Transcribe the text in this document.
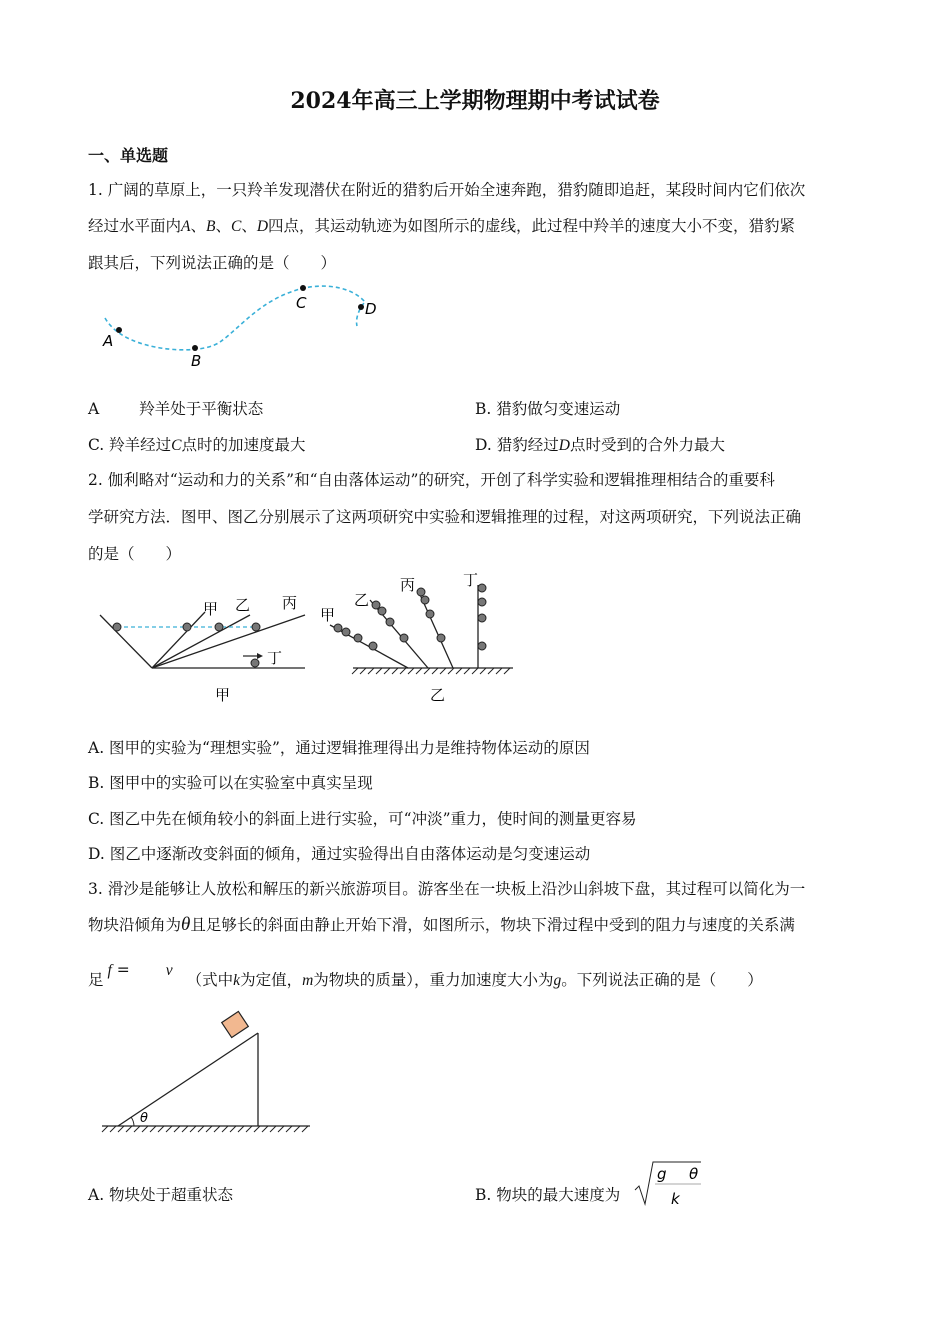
2024年高三上学期物理期中考试试卷
一、单选题
1. 广阔的草原上，一只羚羊发现潜伏在附近的猎豹后开始全速奔跑，猎豹随即追赶，某段时间内它们依次
经过水平面内A、B、C、D四点，其运动轨迹为如图所示的虚线，此过程中羚羊的速度大小不变，猎豹紧
跟其后，下列说法正确的是（　　）
A
B
C	D
A	羚羊处于平衡状态	B. 猎豹做匀变速运动
C. 羚羊经过C点时的加速度最大	D. 猎豹经过D点时受到的合外力最大
2. 伽利略对“运动和力的关系”和“自由落体运动”的研究，开创了科学实验和逻辑推理相结合的重要科
学研究方法．图甲、图乙分别展示了这两项研究中实验和逻辑推理的过程，对这两项研究，下列说法正确
的是（　　）
甲 乙 丙
丁
甲
甲
乙
丙	丁
乙
A. 图甲的实验为“理想实验”，通过逻辑推理得出力是维持物体运动的原因
B. 图甲中的实验可以在实验室中真实呈现
C. 图乙中先在倾角较小的斜面上进行实验，可“冲淡”重力，使时间的测量更容易
D. 图乙中逐渐改变斜面的倾角，通过实验得出自由落体运动是匀变速运动
3. 滑沙是能够让人放松和解压的新兴旅游项目。游客坐在一块板上沿沙山斜坡下盘，其过程可以简化为一
物块沿倾角为θ且足够长的斜面由静止开始下滑，如图所示，物块下滑过程中受到的阻力与速度的关系满
足f = v（式中k为定值，m为物块的质量），重力加速度大小为g。下列说法正确的是（　　）
θ
A. 物块处于超重状态	B. 物块的最大速度为
g θ
k
